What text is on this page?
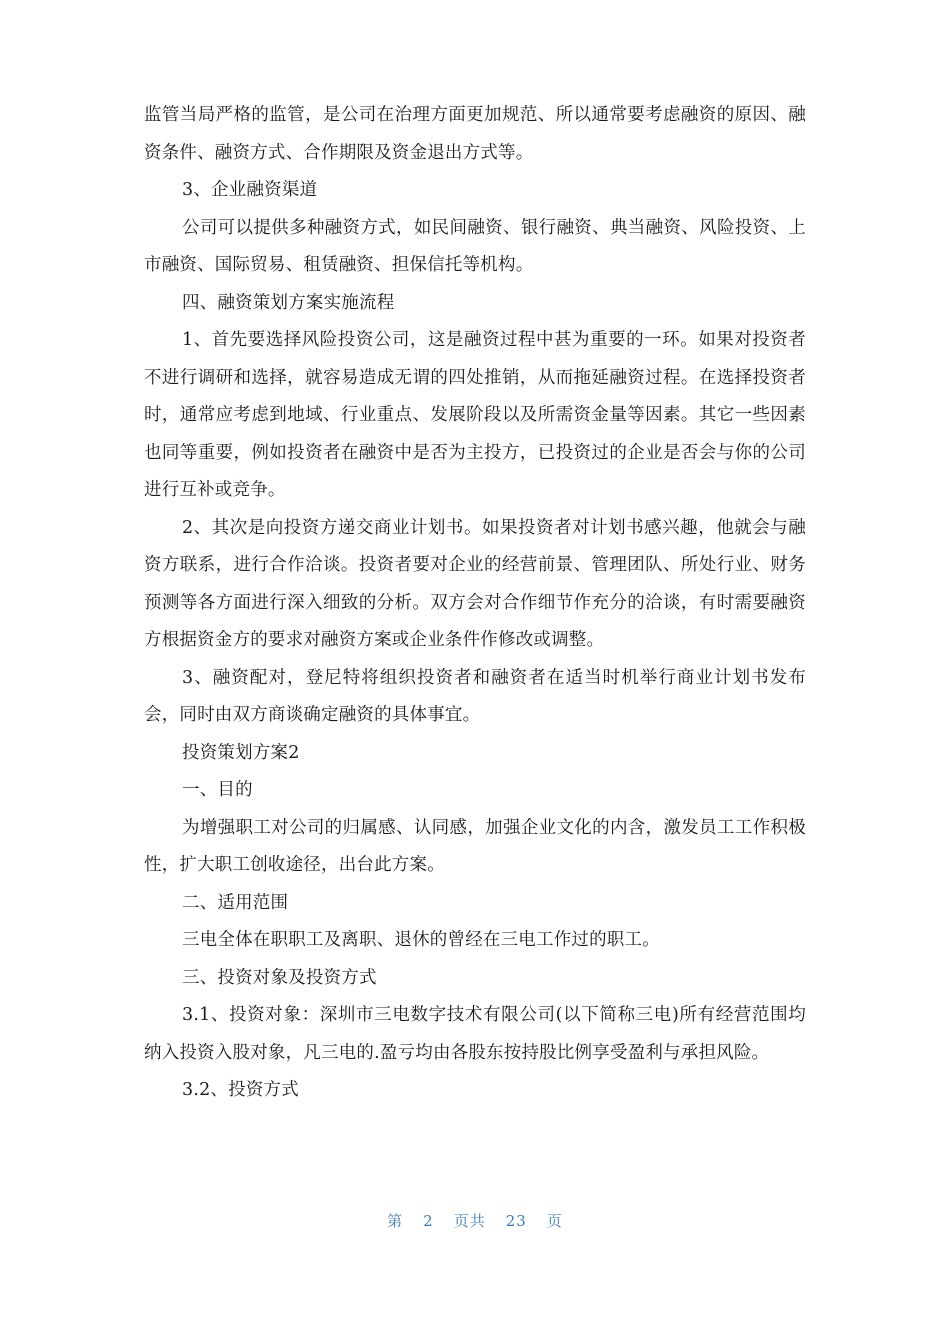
监管当局严格的监管，是公司在治理方面更加规范、所以通常要考虑融资的原因、融资条件、融资方式、合作期限及资金退出方式等。

3、企业融资渠道

公司可以提供多种融资方式，如民间融资、银行融资、典当融资、风险投资、上市融资、国际贸易、租赁融资、担保信托等机构。

四、融资策划方案实施流程

1、首先要选择风险投资公司，这是融资过程中甚为重要的一环。如果对投资者不进行调研和选择，就容易造成无谓的四处推销，从而拖延融资过程。在选择投资者时，通常应考虑到地域、行业重点、发展阶段以及所需资金量等因素。其它一些因素也同等重要，例如投资者在融资中是否为主投方，已投资过的企业是否会与你的公司进行互补或竞争。

2、其次是向投资方递交商业计划书。如果投资者对计划书感兴趣，他就会与融资方联系，进行合作洽谈。投资者要对企业的经营前景、管理团队、所处行业、财务预测等各方面进行深入细致的分析。双方会对合作细节作充分的洽谈，有时需要融资方根据资金方的要求对融资方案或企业条件作修改或调整。

3、融资配对，登尼特将组织投资者和融资者在适当时机举行商业计划书发布会，同时由双方商谈确定融资的具体事宜。

投资策划方案2

一、目的

为增强职工对公司的归属感、认同感，加强企业文化的内含，激发员工工作积极性，扩大职工创收途径，出台此方案。

二、适用范围

三电全体在职职工及离职、退休的曾经在三电工作过的职工。

三、投资对象及投资方式

3.1、投资对象：深圳市三电数字技术有限公司(以下简称三电)所有经营范围均纳入投资入股对象，凡三电的.盈亏均由各股东按持股比例享受盈利与承担风险。

3.2、投资方式

第 2 页共 23 页
